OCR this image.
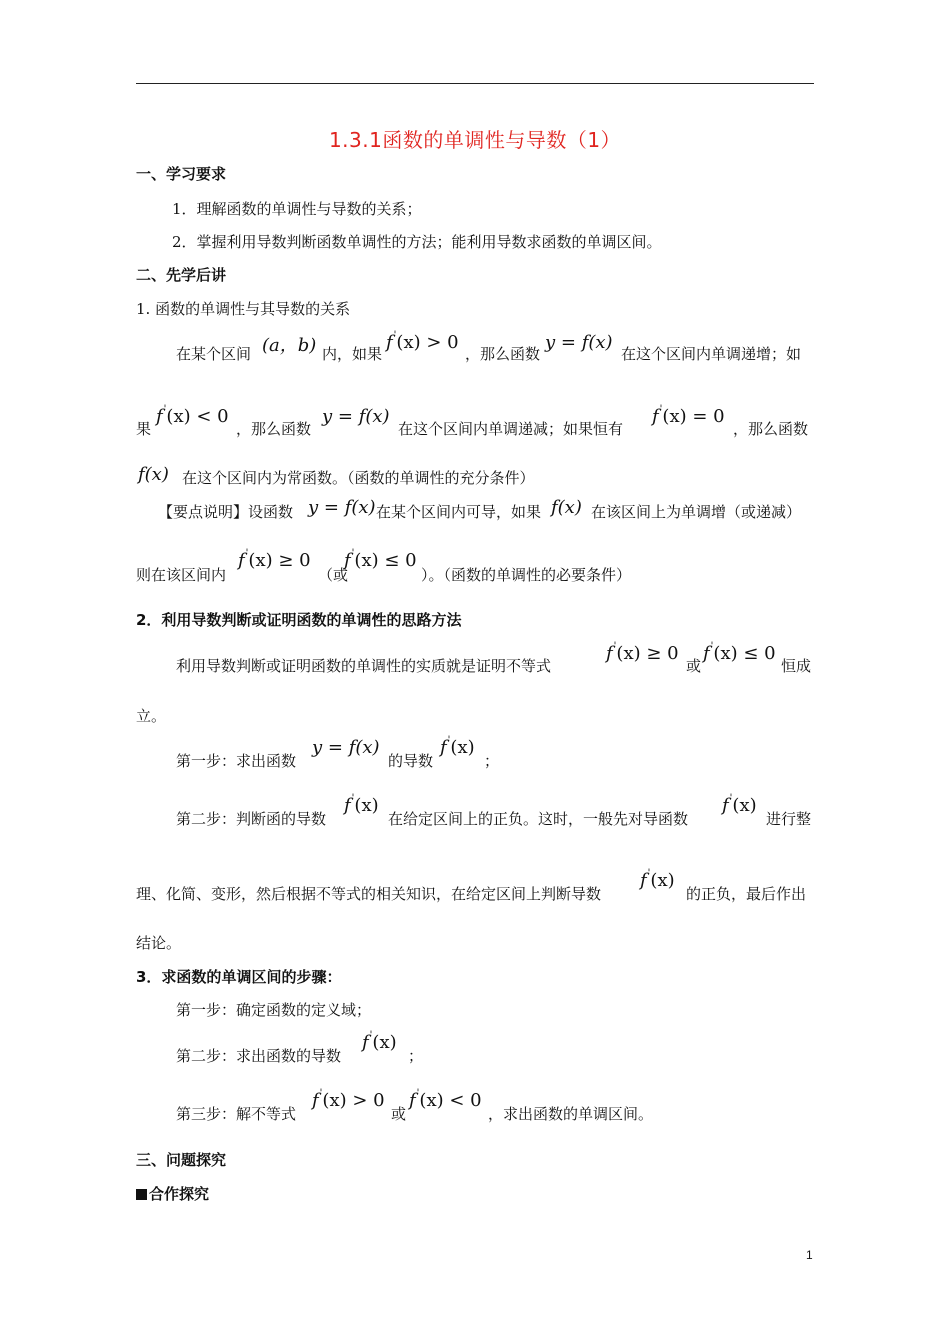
1.3.1函数的单调性与导数（1）
一、学习要求
1．理解函数的单调性与导数的关系；
2．掌握利用导数判断函数单调性的方法；能利用导数求函数的单调区间。
二、先学后讲
1. 函数的单调性与其导数的关系
在某个区间 (a，b) 内，如果
f'(x) > 0
，那么函数
y = f(x)
在这个区间内单调递增；如
果
f'(x) < 0
，那么函数
y = f(x)
在这个区间内单调递减；如果恒有
f'(x) = 0
，那么函数
f(x) 在这个区间内为常函数。（函数的单调性的充分条件）
【要点说明】设函数 y = f(x) 在某个区间内可导，如果 f(x) 在该区间上为单调增（或递减）
则在该区间内
f'(x) ≥ 0
（或
f'(x) ≤ 0
）。（函数的单调性的必要条件）
2．利用导数判断或证明函数的单调性的思路方法
利用导数判断或证明函数的单调性的实质就是证明不等式
f'(x) ≥ 0
或
f'(x) ≤ 0
恒成
立。
第一步：求出函数
y = f(x)
的导数
f'(x)
；
第二步：判断函的导数
f'(x)
在给定区间上的正负。这时，一般先对导函数
f'(x)
进行整
理、化简、变形，然后根据不等式的相关知识，在给定区间上判断导数
f'(x)
的正负，最后作出
结论。
3．求函数的单调区间的步骤：
第一步：确定函数的定义域；
第二步：求出函数的导数
f'(x)
；
第三步：解不等式
f'(x) > 0
或
f'(x) < 0
，求出函数的单调区间。
三、问题探究
合作探究
1
